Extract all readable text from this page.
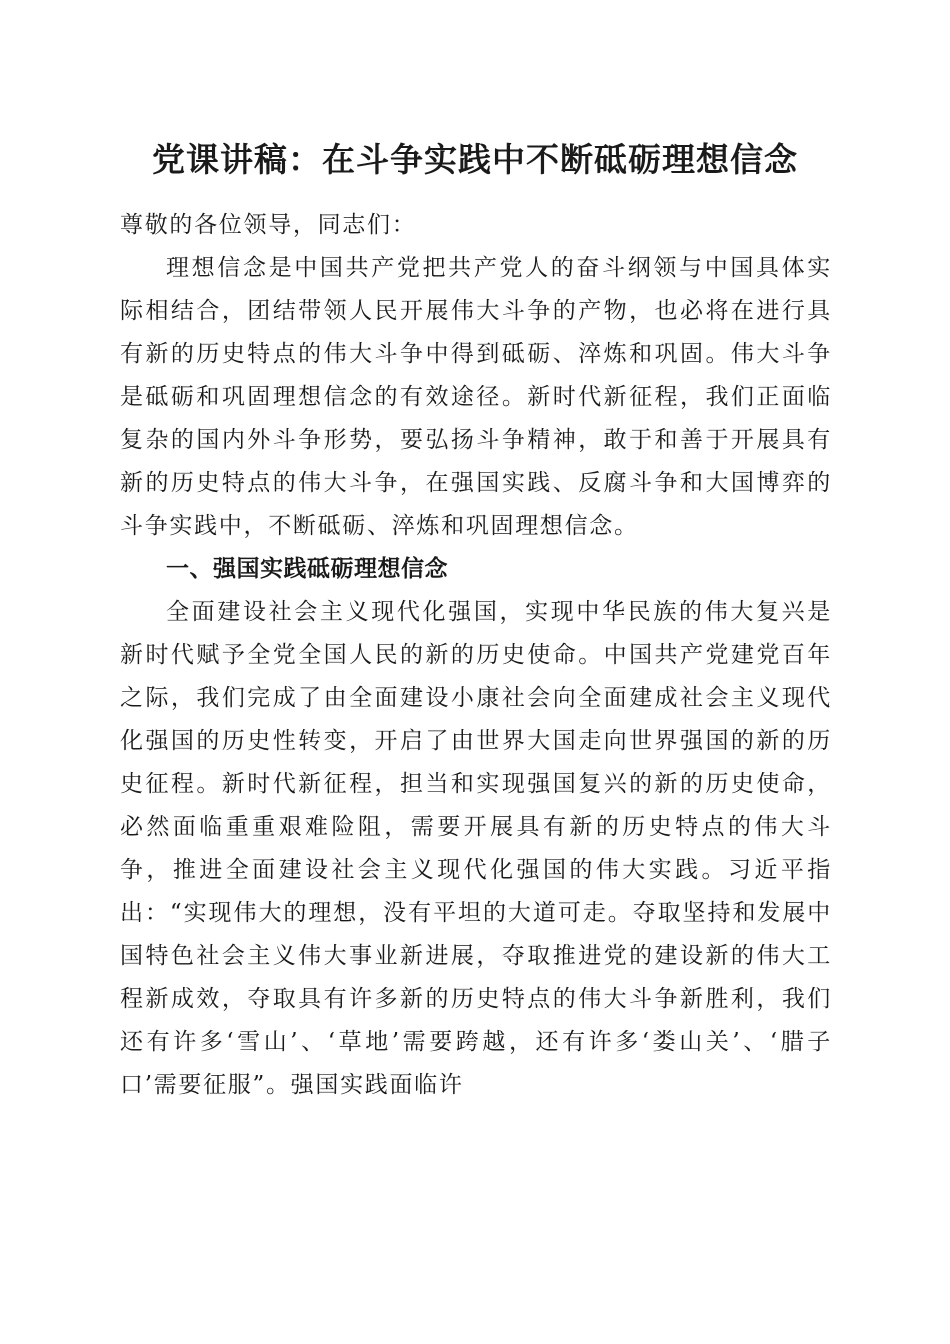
党课讲稿：在斗争实践中不断砥砺理想信念

尊敬的各位领导，同志们：

理想信念是中国共产党把共产党人的奋斗纲领与中国具体实际相结合，团结带领人民开展伟大斗争的产物，也必将在进行具有新的历史特点的伟大斗争中得到砥砺、淬炼和巩固。伟大斗争是砥砺和巩固理想信念的有效途径。新时代新征程，我们正面临复杂的国内外斗争形势，要弘扬斗争精神，敢于和善于开展具有新的历史特点的伟大斗争，在强国实践、反腐斗争和大国博弈的斗争实践中，不断砥砺、淬炼和巩固理想信念。

一、强国实践砥砺理想信念

全面建设社会主义现代化强国，实现中华民族的伟大复兴是新时代赋予全党全国人民的新的历史使命。中国共产党建党百年之际，我们完成了由全面建设小康社会向全面建成社会主义现代化强国的历史性转变，开启了由世界大国走向世界强国的新的历史征程。新时代新征程，担当和实现强国复兴的新的历史使命，必然面临重重艰难险阻，需要开展具有新的历史特点的伟大斗争，推进全面建设社会主义现代化强国的伟大实践。习近平指出：“实现伟大的理想，没有平坦的大道可走。夺取坚持和发展中国特色社会主义伟大事业新进展，夺取推进党的建设新的伟大工程新成效，夺取具有许多新的历史特点的伟大斗争新胜利，我们还有许多‘雪山’、‘草地’需要跨越，还有许多‘娄山关’、‘腊子口’需要征服”。强国实践面临许
